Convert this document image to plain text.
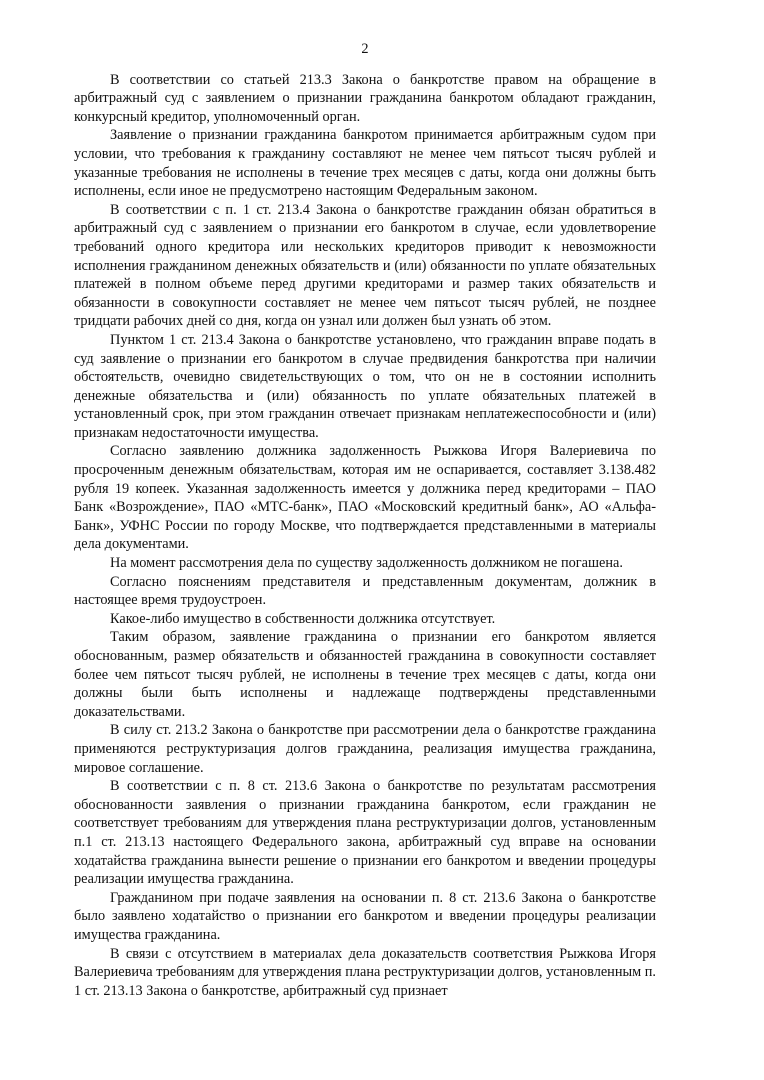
2

В соответствии со статьей 213.3 Закона о банкротстве правом на обращение в арбитражный суд с заявлением о признании гражданина банкротом обладают гражданин, конкурсный кредитор, уполномоченный орган.

Заявление о признании гражданина банкротом принимается арбитражным судом при условии, что требования к гражданину составляют не менее чем пятьсот тысяч рублей и указанные требования не исполнены в течение трех месяцев с даты, когда они должны быть исполнены, если иное не предусмотрено настоящим Федеральным законом.

В соответствии с п. 1 ст. 213.4 Закона о банкротстве гражданин обязан обратиться в арбитражный суд с заявлением о признании его банкротом в случае, если удовлетворение требований одного кредитора или нескольких кредиторов приводит к невозможности исполнения гражданином денежных обязательств и (или) обязанности по уплате обязательных платежей в полном объеме перед другими кредиторами и размер таких обязательств и обязанности в совокупности составляет не менее чем пятьсот тысяч рублей, не позднее тридцати рабочих дней со дня, когда он узнал или должен был узнать об этом.

Пунктом 1 ст. 213.4 Закона о банкротстве установлено, что гражданин вправе подать в суд заявление о признании его банкротом в случае предвидения банкротства при наличии обстоятельств, очевидно свидетельствующих о том, что он не в состоянии исполнить денежные обязательства и (или) обязанность по уплате обязательных платежей в установленный срок, при этом гражданин отвечает признакам неплатежеспособности и (или) признакам недостаточности имущества.

Согласно заявлению должника задолженность Рыжкова Игоря Валериевича по просроченным денежным обязательствам, которая им не оспаривается, составляет 3.138.482 рубля 19 копеек. Указанная задолженность имеется у должника перед кредиторами – ПАО Банк «Возрождение», ПАО «МТС-банк», ПАО «Московский кредитный банк», АО «Альфа-Банк», УФНС России по городу Москве, что подтверждается представленными в материалы дела документами.

На момент рассмотрения дела по существу задолженность должником не погашена.

Согласно пояснениям представителя и представленным документам, должник в настоящее время трудоустроен.

Какое-либо имущество в собственности должника отсутствует.

Таким образом, заявление гражданина о признании его банкротом является обоснованным, размер обязательств и обязанностей гражданина в совокупности составляет более чем пятьсот тысяч рублей, не исполнены в течение трех месяцев с даты, когда они должны были быть исполнены и надлежаще подтверждены представленными доказательствами.

В силу ст. 213.2 Закона о банкротстве при рассмотрении дела о банкротстве гражданина применяются реструктуризация долгов гражданина, реализация имущества гражданина, мировое соглашение.

В соответствии с п. 8 ст. 213.6 Закона о банкротстве по результатам рассмотрения обоснованности заявления о признании гражданина банкротом, если гражданин не соответствует требованиям для утверждения плана реструктуризации долгов, установленным п.1 ст. 213.13 настоящего Федерального закона, арбитражный суд вправе на основании ходатайства гражданина вынести решение о признании его банкротом и введении процедуры реализации имущества гражданина.

Гражданином при подаче заявления на основании п. 8 ст. 213.6 Закона о банкротстве было заявлено ходатайство о признании его банкротом и введении процедуры реализации имущества гражданина.

В связи с отсутствием в материалах дела доказательств соответствия Рыжкова Игоря Валериевича требованиям для утверждения плана реструктуризации долгов, установленным п. 1 ст. 213.13 Закона о банкротстве, арбитражный суд признает
